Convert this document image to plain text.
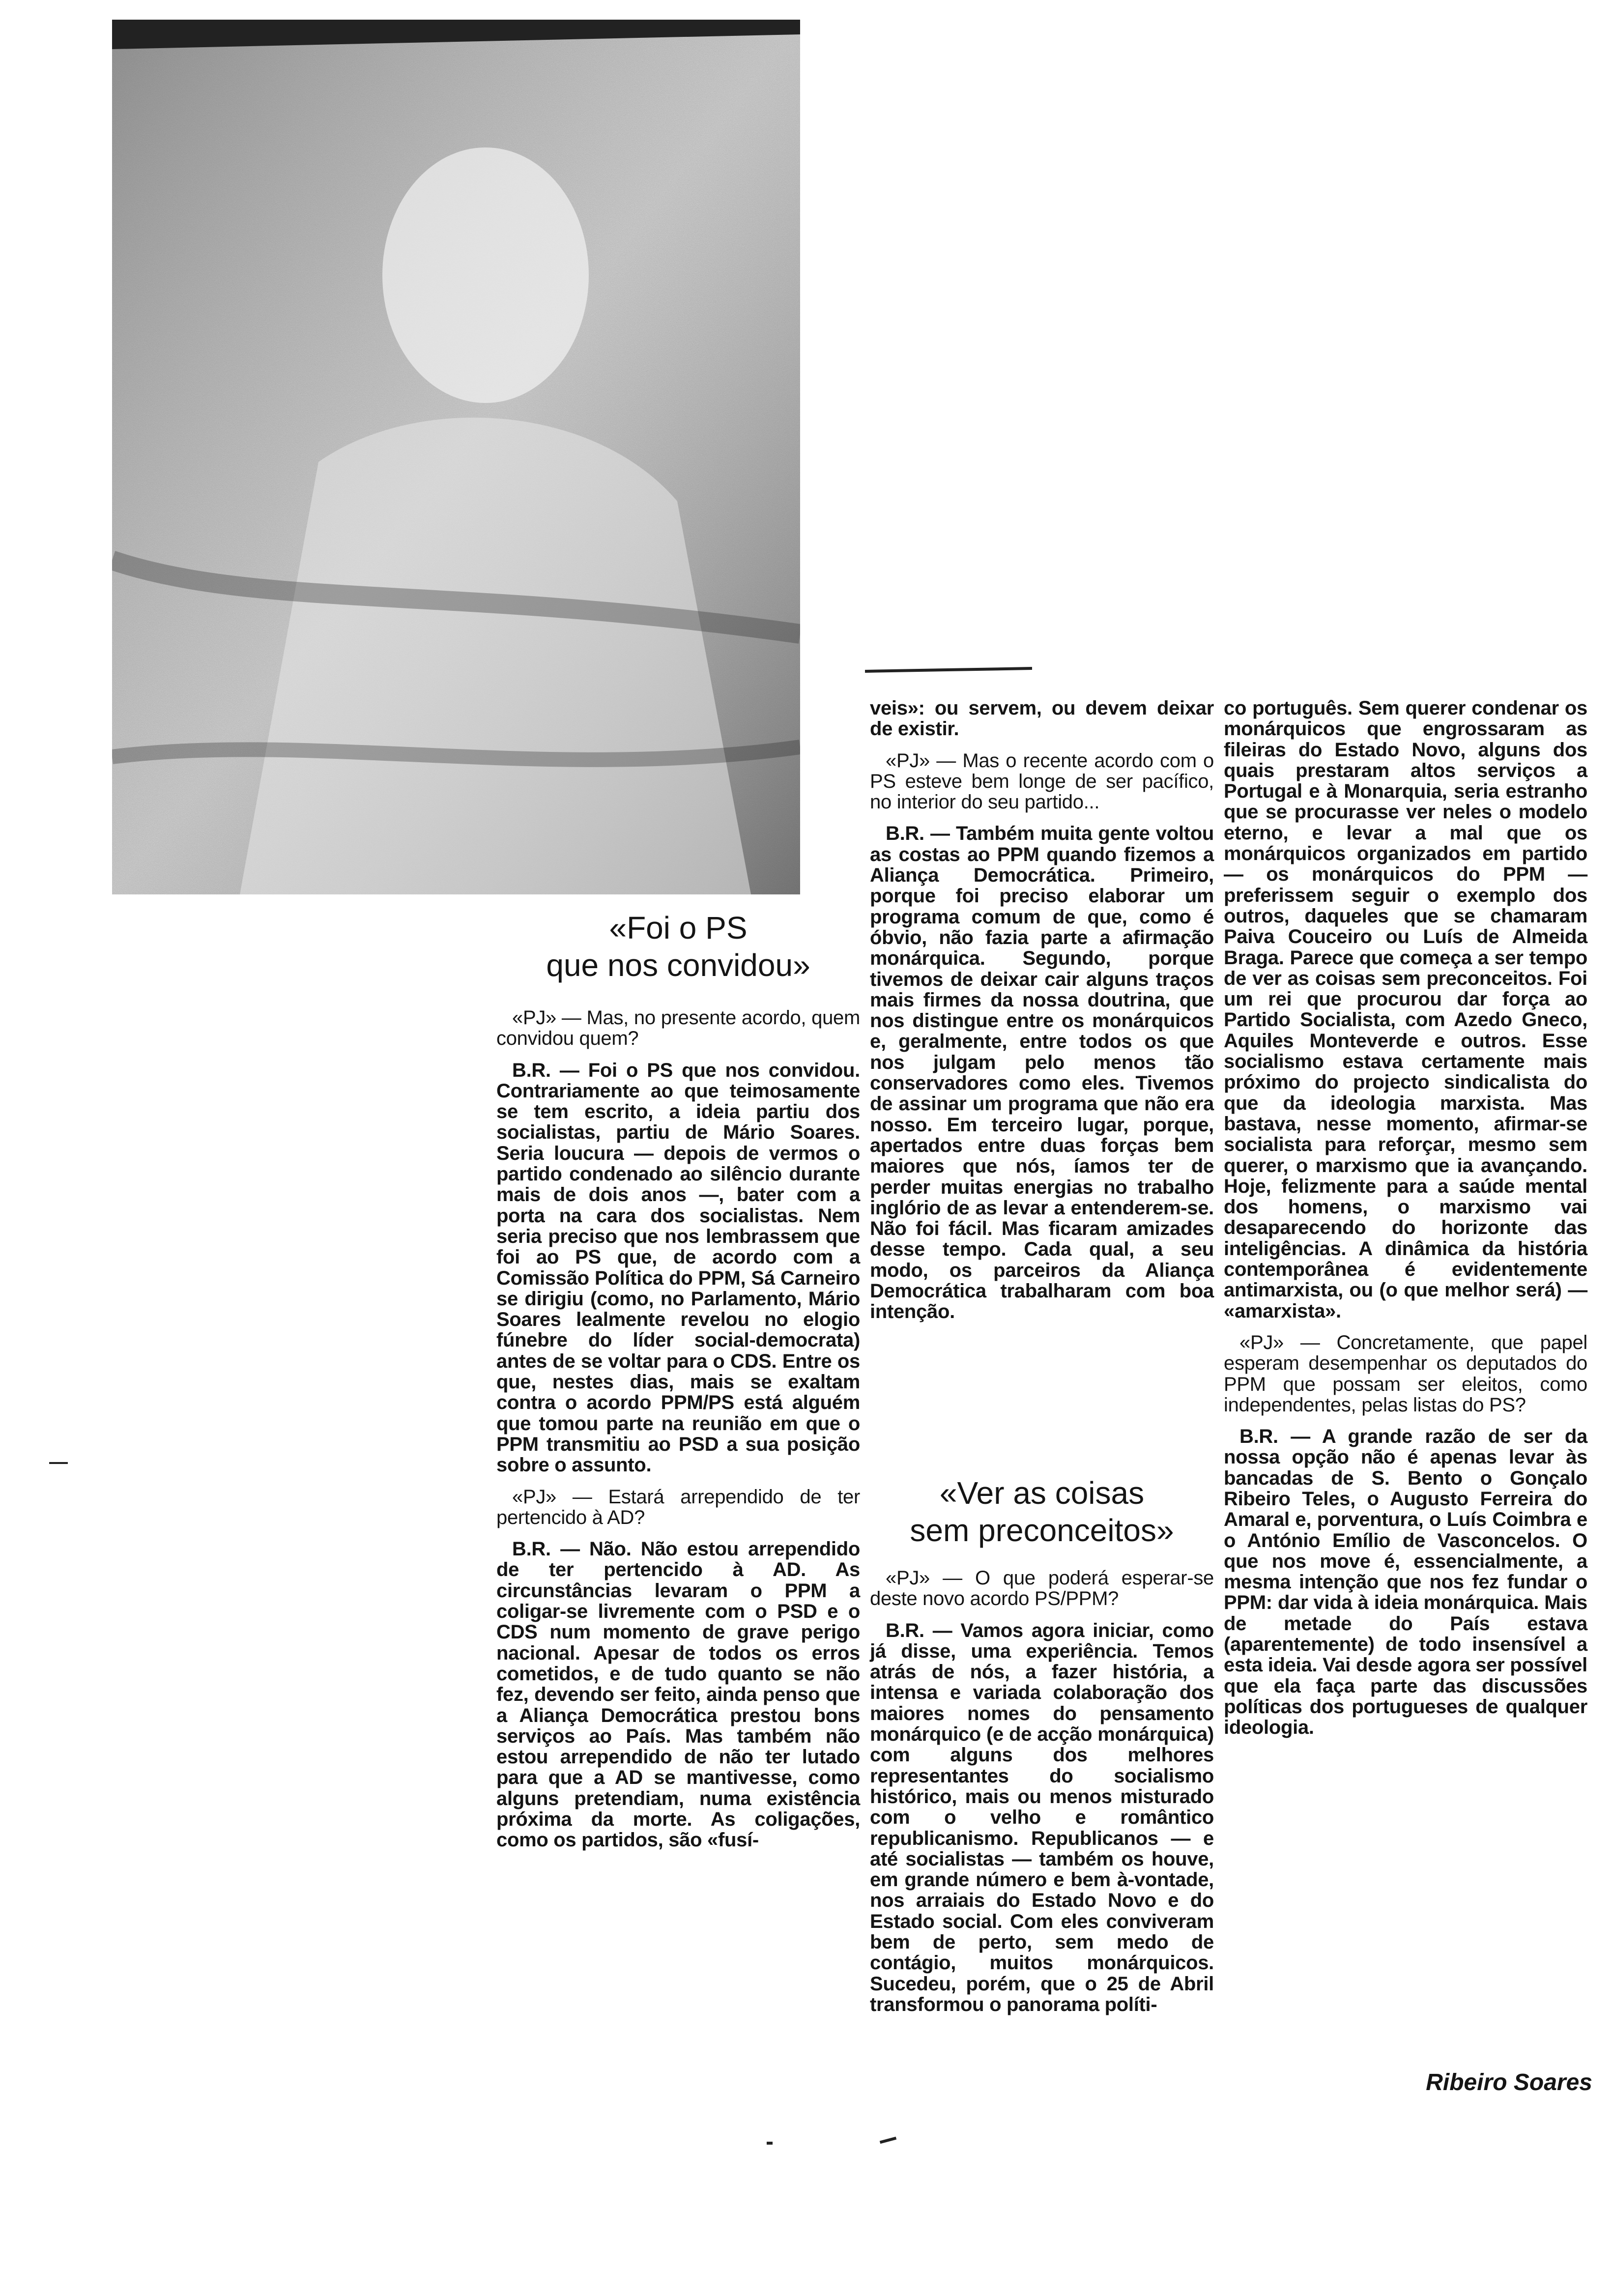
«Foi o PS
que nos convidou»

«PJ» — Mas, no presente acordo, quem convidou quem?

B.R. — Foi o PS que nos convidou. Contrariamente ao que teimosamente se tem escrito, a ideia partiu dos socialistas, partiu de Mário Soares. Seria loucura — depois de vermos o partido condenado ao silêncio durante mais de dois anos —, bater com a porta na cara dos socialistas. Nem seria preciso que nos lembrassem que foi ao PS que, de acordo com a Comissão Política do PPM, Sá Carneiro se dirigiu (como, no Parlamento, Mário Soares lealmente revelou no elogio fúnebre do líder social-democrata) antes de se voltar para o CDS. Entre os que, nestes dias, mais se exaltam contra o acordo PPM/PS está alguém que tomou parte na reunião em que o PPM transmitiu ao PSD a sua posição sobre o assunto.

«PJ» — Estará arrependido de ter pertencido à AD?

B.R. — Não. Não estou arrependido de ter pertencido à AD. As circunstâncias levaram o PPM a coligar-se livremente com o PSD e o CDS num momento de grave perigo nacional. Apesar de todos os erros cometidos, e de tudo quanto se não fez, devendo ser feito, ainda penso que a Aliança Democrática prestou bons serviços ao País. Mas também não estou arrependido de não ter lutado para que a AD se mantivesse, como alguns pretendiam, numa existência próxima da morte. As coligações, como os partidos, são «fusí-

veis»: ou servem, ou devem deixar de existir.

«PJ» — Mas o recente acordo com o PS esteve bem longe de ser pacífico, no interior do seu partido...

B.R. — Também muita gente voltou as costas ao PPM quando fizemos a Aliança Democrática. Primeiro, porque foi preciso elaborar um programa comum de que, como é óbvio, não fazia parte a afirmação monárquica. Segundo, porque tivemos de deixar cair alguns traços mais firmes da nossa doutrina, que nos distingue entre os monárquicos e, geralmente, entre todos os que nos julgam pelo menos tão conservadores como eles. Tivemos de assinar um programa que não era nosso. Em terceiro lugar, porque, apertados entre duas forças bem maiores que nós, íamos ter de perder muitas energias no trabalho inglório de as levar a entenderem-se. Não foi fácil. Mas ficaram amizades desse tempo. Cada qual, a seu modo, os parceiros da Aliança Democrática trabalharam com boa intenção.

«Ver as coisas
sem preconceitos»

«PJ» — O que poderá esperar-se deste novo acordo PS/PPM?

B.R. — Vamos agora iniciar, como já disse, uma experiência. Temos atrás de nós, a fazer história, a intensa e variada colaboração dos maiores nomes do pensamento monárquico (e de acção monárquica) com alguns dos melhores representantes do socialismo histórico, mais ou menos misturado com o velho e romântico republicanismo. Republicanos — e até socialistas — também os houve, em grande número e bem à-vontade, nos arraiais do Estado Novo e do Estado social. Com eles conviveram bem de perto, sem medo de contágio, muitos monárquicos. Sucedeu, porém, que o 25 de Abril transformou o panorama políti-

co português. Sem querer condenar os monárquicos que engrossaram as fileiras do Estado Novo, alguns dos quais prestaram altos serviços a Portugal e à Monarquia, seria estranho que se procurasse ver neles o modelo eterno, e levar a mal que os monárquicos organizados em partido — os monárquicos do PPM — preferissem seguir o exemplo dos outros, daqueles que se chamaram Paiva Couceiro ou Luís de Almeida Braga. Parece que começa a ser tempo de ver as coisas sem preconceitos. Foi um rei que procurou dar força ao Partido Socialista, com Azedo Gneco, Aquiles Monteverde e outros. Esse socialismo estava certamente mais próximo do projecto sindicalista do que da ideologia marxista. Mas bastava, nesse momento, afirmar-se socialista para reforçar, mesmo sem querer, o marxismo que ia avançando. Hoje, felizmente para a saúde mental dos homens, o marxismo vai desaparecendo do horizonte das inteligências. A dinâmica da história contemporânea é evidentemente antimarxista, ou (o que melhor será) — «amarxista».

«PJ» — Concretamente, que papel esperam desempenhar os deputados do PPM que possam ser eleitos, como independentes, pelas listas do PS?

B.R. — A grande razão de ser da nossa opção não é apenas levar às bancadas de S. Bento o Gonçalo Ribeiro Teles, o Augusto Ferreira do Amaral e, porventura, o Luís Coimbra e o António Emílio de Vasconcelos. O que nos move é, essencialmente, a mesma intenção que nos fez fundar o PPM: dar vida à ideia monárquica. Mais de metade do País estava (aparentemente) de todo insensível a esta ideia. Vai desde agora ser possível que ela faça parte das discussões políticas dos portugueses de qualquer ideologia.

Ribeiro Soares
